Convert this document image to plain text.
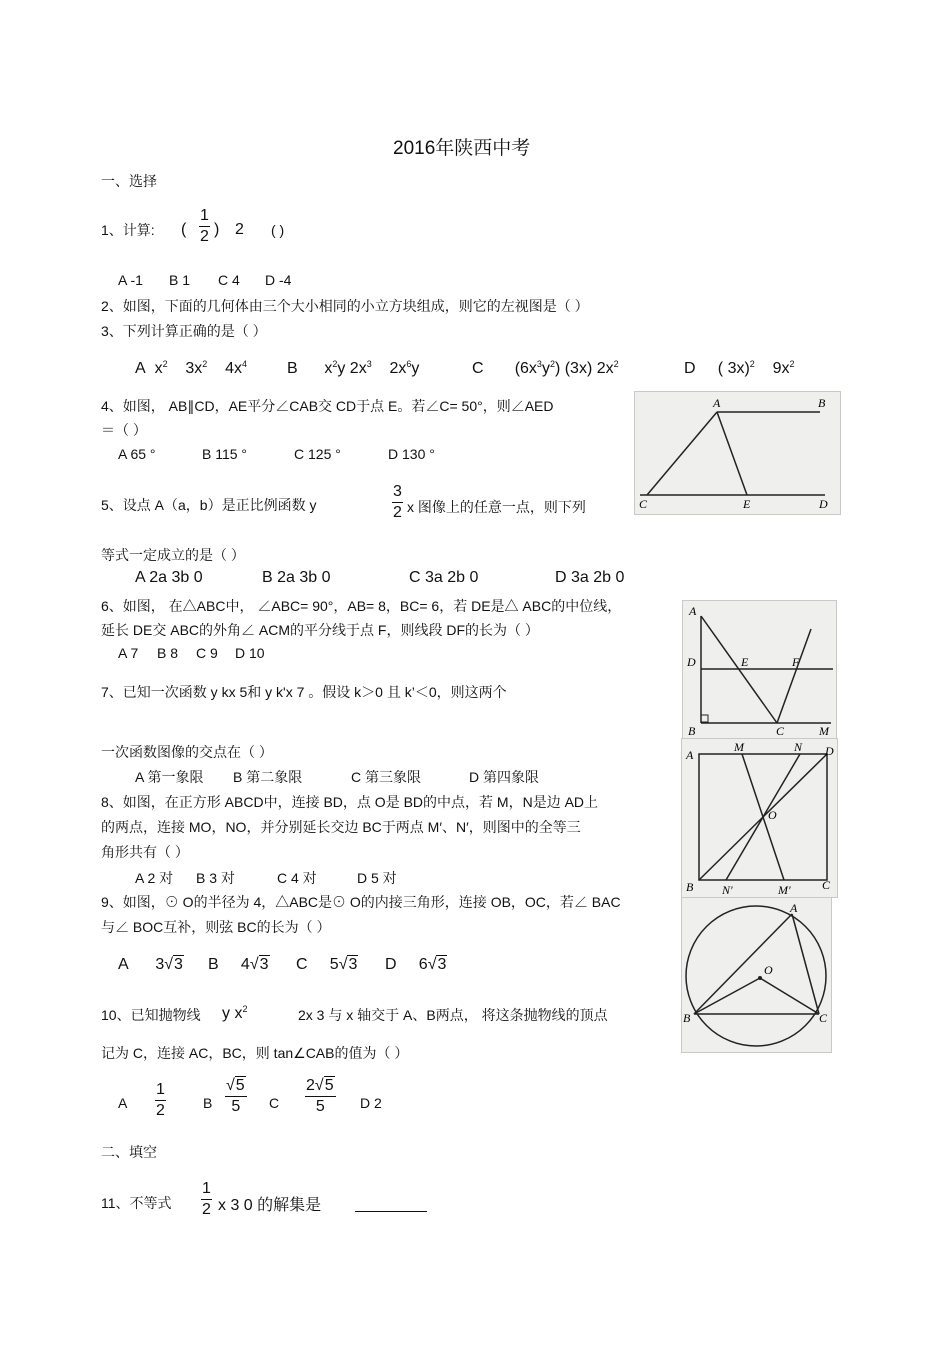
2016年陕西中考
一、选择
1、计算: (
1
2 ) 2 ( )
A -1 B 1 C 4 D -4
2、如图，下面的几何体由三个大小相同的小立方块组成，则它的左视图是（ ）
3、下列计算正确的是（ ）
A $x^2$ $3x^2$ $4x^4$	B $x^2y$ $2x^3$ $2x^6y$	C $(6x^3y^2)$ (3x) $2x^2$	D ( 3x)$^2$ $9x^2$
4、如图， AB∥CD，AE平分∠CAB交 CD于点 E。若∠C= 50°，则∠AED
＝（ ）
A 65 °	B 115 °	C 125 °	D 130 °
A	B
C	E	D
5、设点 A（a，b）是正比例函数 y
3
2 x 图像上的任意一点，则下列
等式一定成立的是（ ）
A 2a 3b 0	B 2a 3b 0	C 3a 2b 0	D 3a 2b 0
6、如图， 在△ABC中， ∠ABC= 90°，AB= 8，BC= 6，若 DE是△ ABC的中位线，
延长 DE交 ABC的外角∠ ACM的平分线于点 F，则线段 DF的长为（ ）
A 7 B 8 C 9 D 10
A
D	E	F
B	C	M
7、已知一次函数 y kx 5和 y k'x 7 。假设 k＞0 且 k’＜0，则这两个
一次函数图像的交点在（ ）
A 第一象限 B 第二象限	C 第三象限	D 第四象限
8、如图，在正方形 ABCD中，连接 BD，点 O是 BD的中点，若 M，N是边 AD上
的两点，连接 MO，NO，并分别延长交边 BC于两点 M′、N′，则图中的全等三
角形共有（ ）
A 2 对 B 3 对	C 4 对	D 5 对
A
M	N D
O
B N'	M'	C
9、如图，⊙ O的半径为 4，△ABC是⊙ O的内接三角形，连接 OB，OC，若∠ BAC
与∠ BOC互补，则弦 BC的长为（ ）
A 3√3 B 4√3 C 5√3 D 6√3
A
O
B	C
10、已知抛物线 y $x^2$	2x 3 与 x 轴交于 A、B两点， 将这条抛物线的顶点
记为 C，连接 AC，BC，则 tan∠CAB的值为（ ）
A
1
2	B
√5
5	C
2√5
5	D 2
二、填空
11、不等式
1
2 x 3 0 的解集是
